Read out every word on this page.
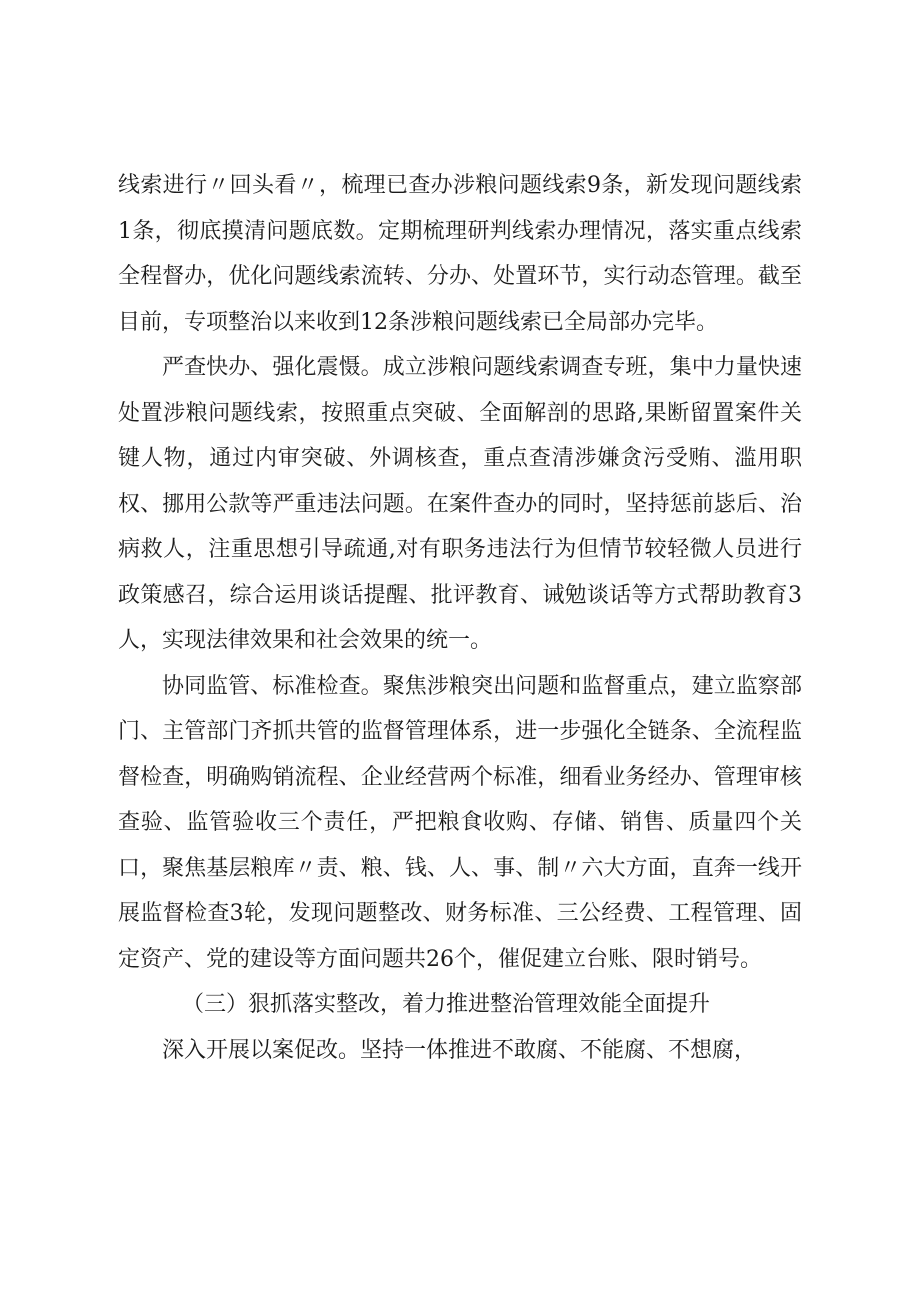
线索进行〃回头看〃，梳理已查办涉粮问题线索9条，新发现问题线索1条，彻底摸清问题底数。定期梳理研判线索办理情况，落实重点线索全程督办，优化问题线索流转、分办、处置环节，实行动态管理。截至目前，专项整治以来收到12条涉粮问题线索已全局部办完毕。

严查快办、强化震慑。成立涉粮问题线索调查专班，集中力量快速处置涉粮问题线索，按照重点突破、全面解剖的思路,果断留置案件关键人物，通过内审突破、外调核查，重点查清涉嫌贪污受贿、滥用职权、挪用公款等严重违法问题。在案件查办的同时，坚持惩前毖后、治病救人，注重思想引导疏通,对有职务违法行为但情节较轻微人员进行政策感召，综合运用谈话提醒、批评教育、诫勉谈话等方式帮助教育3人，实现法律效果和社会效果的统一。

协同监管、标准检查。聚焦涉粮突出问题和监督重点，建立监察部门、主管部门齐抓共管的监督管理体系，进一步强化全链条、全流程监督检查，明确购销流程、企业经营两个标准，细看业务经办、管理审核查验、监管验收三个责任，严把粮食收购、存储、销售、质量四个关口，聚焦基层粮库〃责、粮、钱、人、事、制〃六大方面，直奔一线开展监督检查3轮，发现问题整改、财务标准、三公经费、工程管理、固定资产、党的建设等方面问题共26个，催促建立台账、限时销号。

（三）狠抓落实整改，着力推进整治管理效能全面提升

深入开展以案促改。坚持一体推进不敢腐、不能腐、不想腐，
